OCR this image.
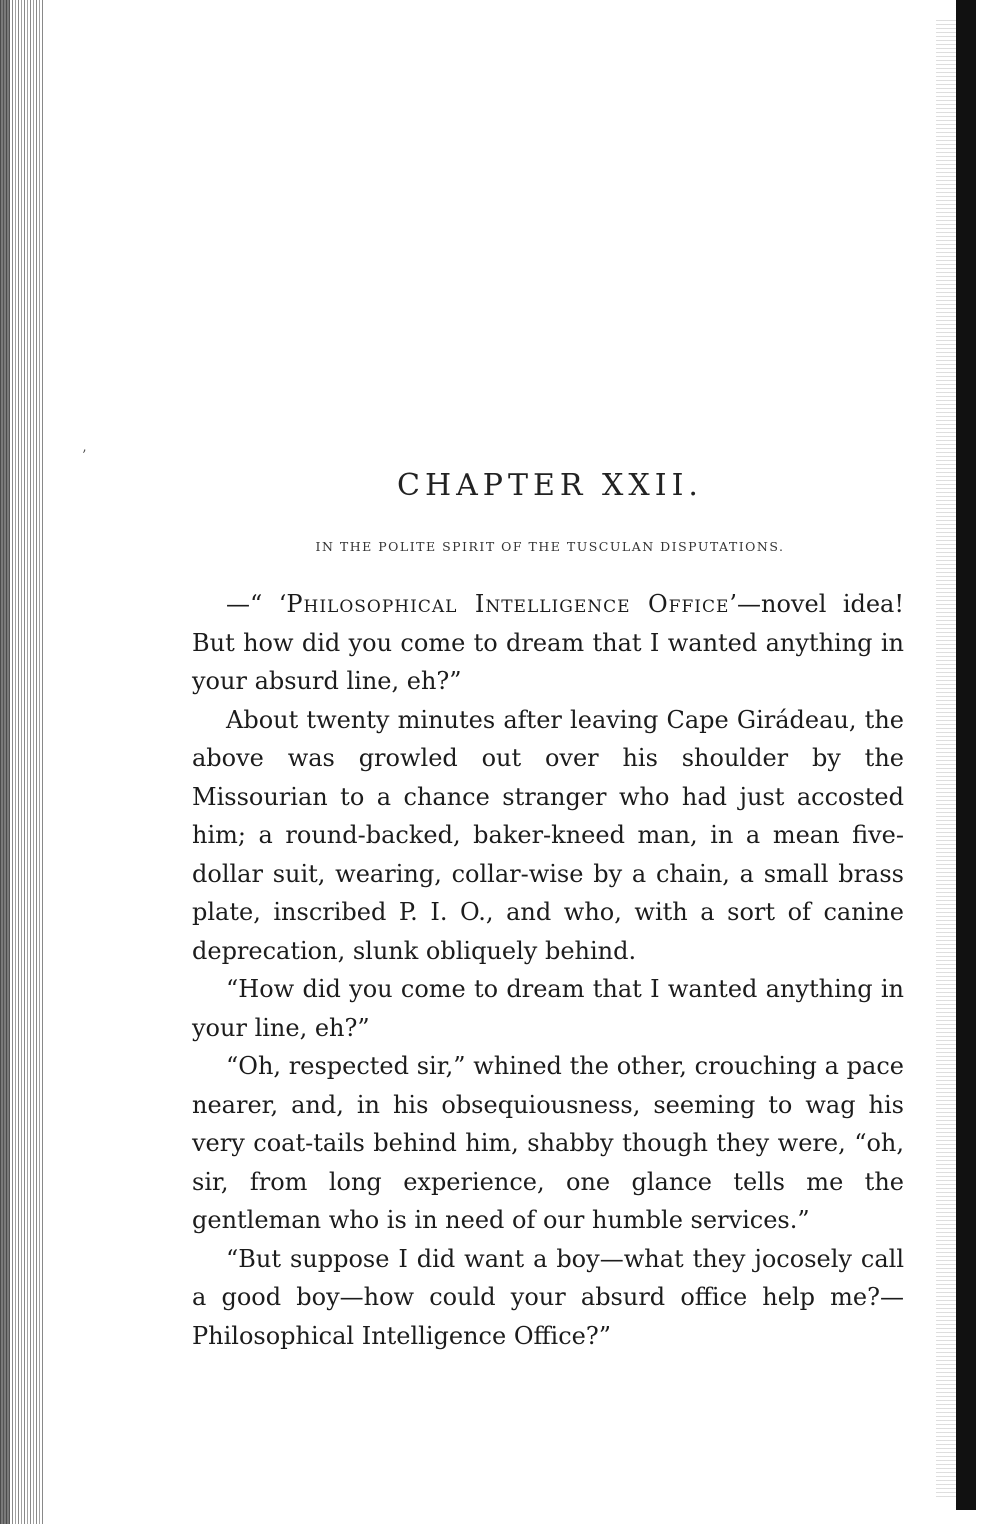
’
CHAPTER XXII.
IN THE POLITE SPIRIT OF THE TUSCULAN DISPUTATIONS.

—“ ‘Philosophical Intelligence Office’—novel idea! But how did you come to dream that I wanted anything in your absurd line, eh?”

About twenty minutes after leaving Cape Girádeau, the above was growled out over his shoulder by the Missourian to a chance stranger who had just accosted him; a round-backed, baker-kneed man, in a mean five-dollar suit, wearing, collar-wise by a chain, a small brass plate, inscribed P. I. O., and who, with a sort of canine deprecation, slunk obliquely behind.

“How did you come to dream that I wanted anything in your line, eh?”

“Oh, respected sir,” whined the other, crouching a pace nearer, and, in his obsequiousness, seeming to wag his very coat-tails behind him, shabby though they were, “oh, sir, from long experience, one glance tells me the gentleman who is in need of our humble services.”

“But suppose I did want a boy—what they jocosely call a good boy—how could your absurd office help me?—Philosophical Intelligence Office?”
